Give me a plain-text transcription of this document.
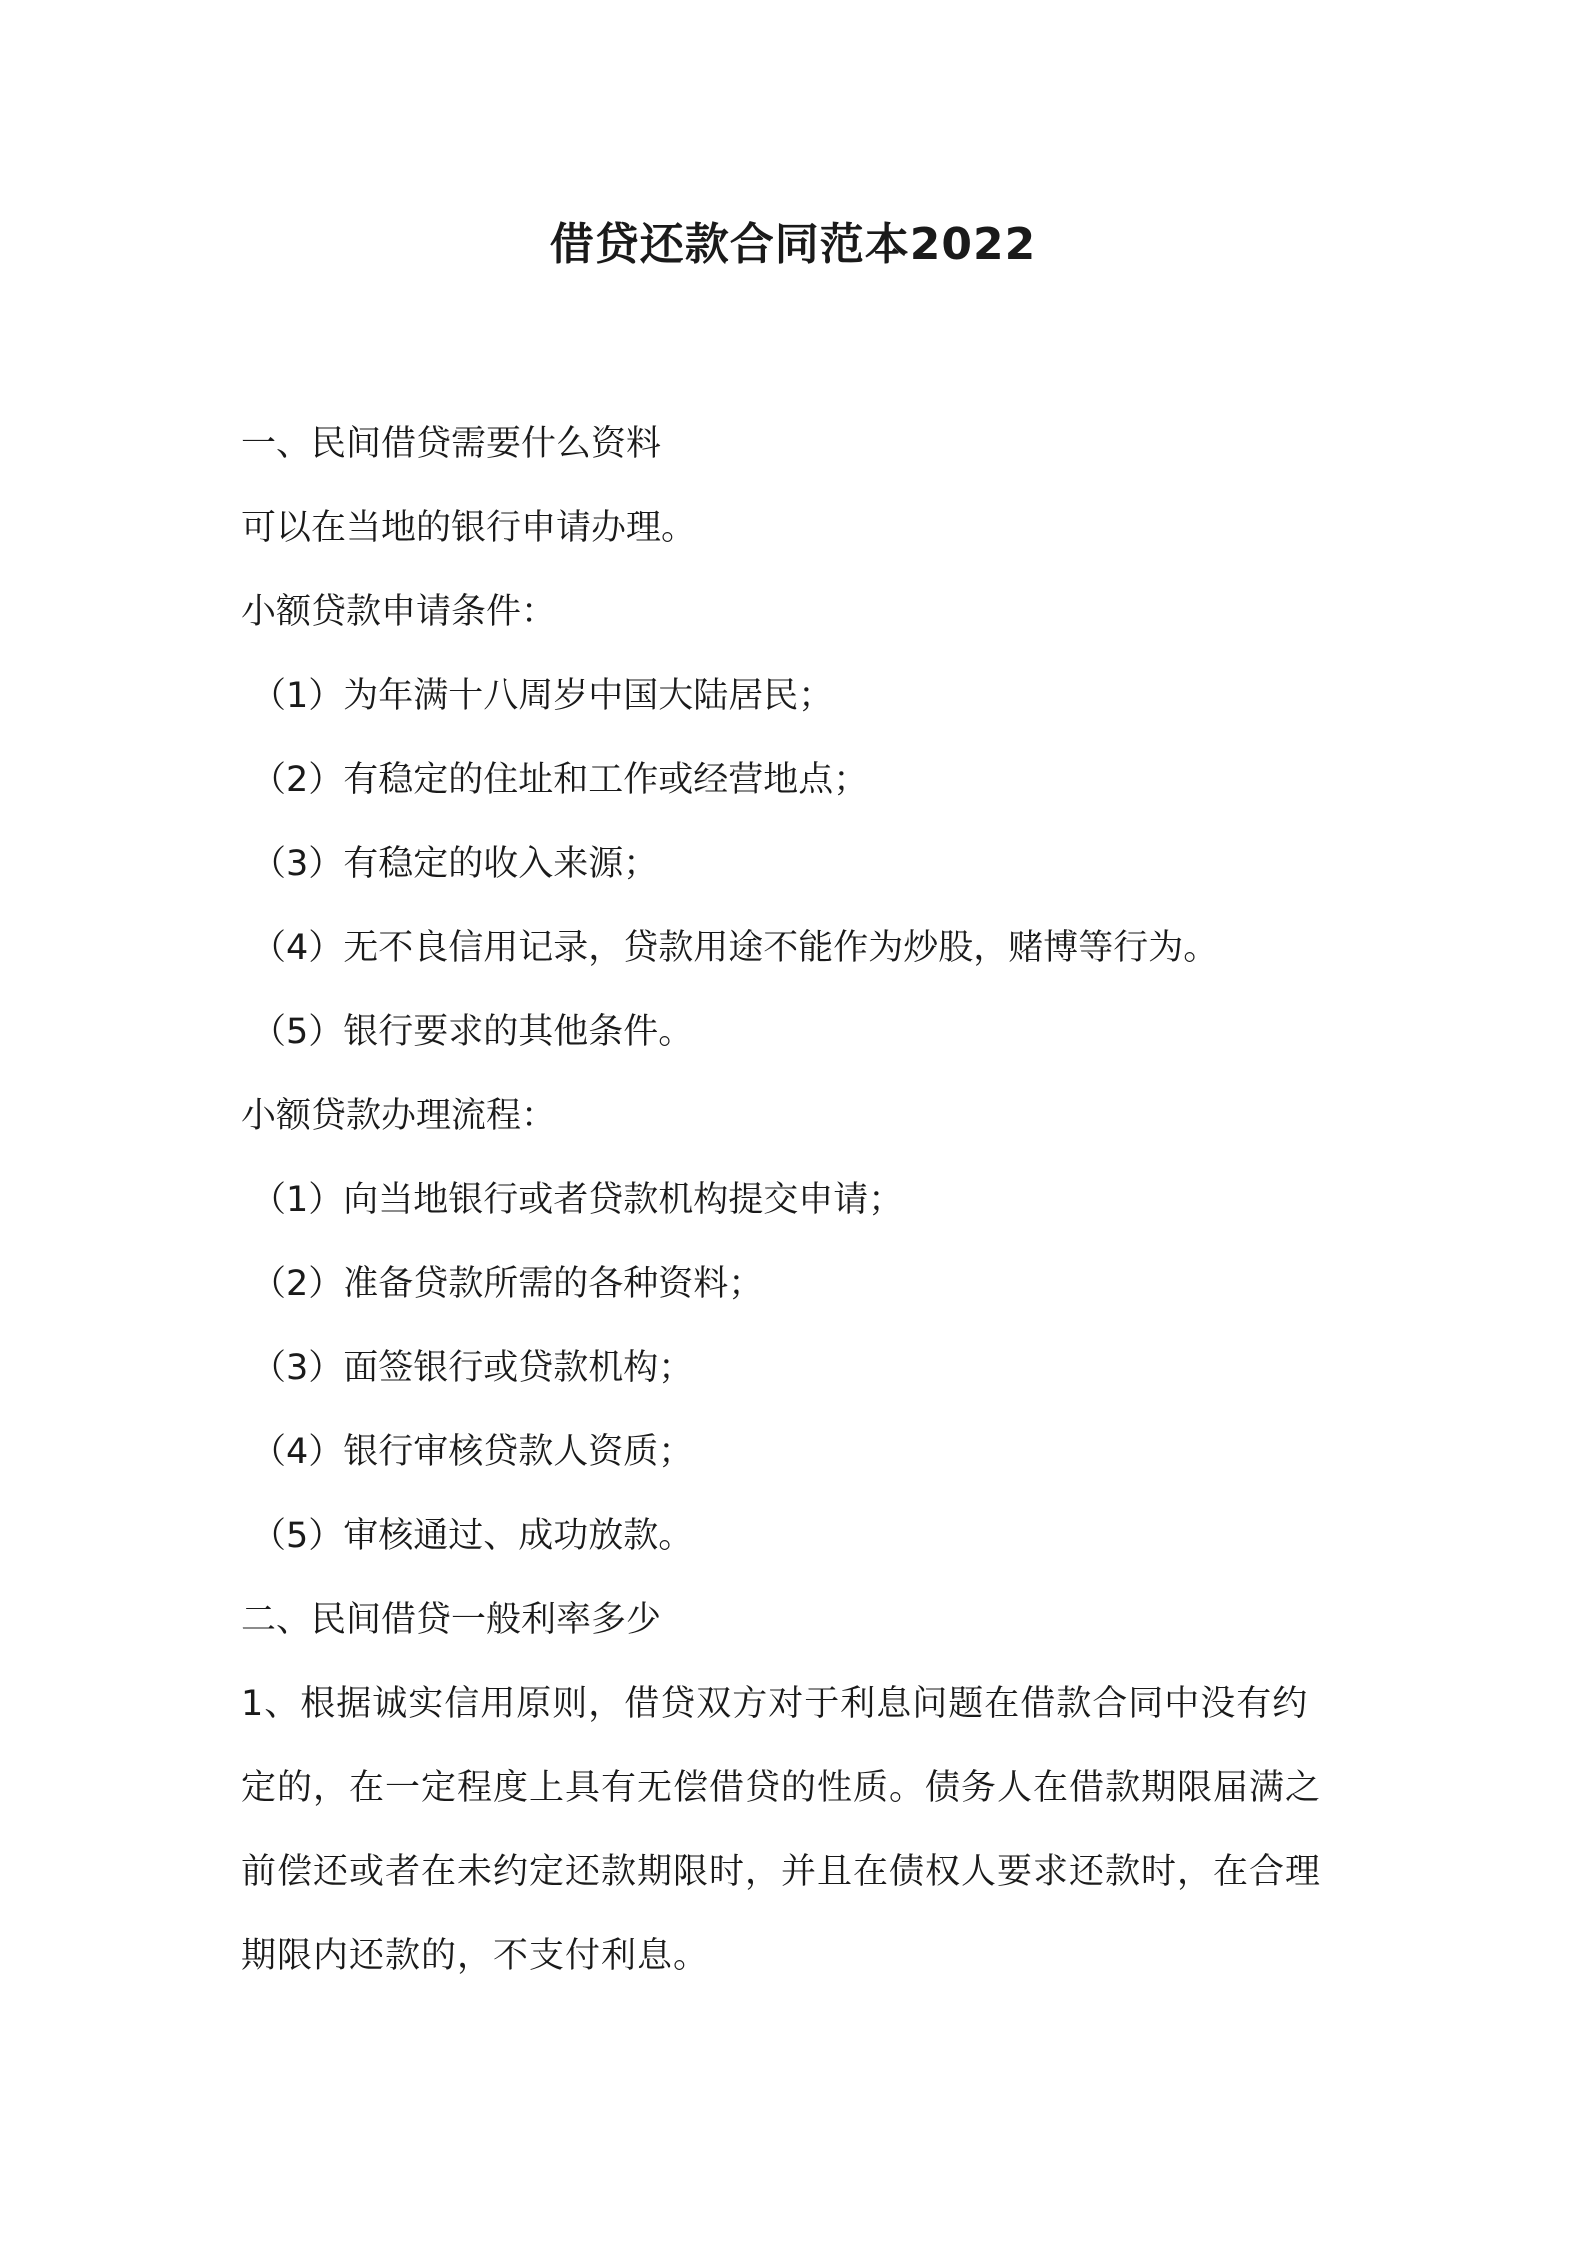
借贷还款合同范本2022
一、民间借贷需要什么资料
可以在当地的银行申请办理。
小额贷款申请条件：
（1）为年满十八周岁中国大陆居民；
（2）有稳定的住址和工作或经营地点；
（3）有稳定的收入来源；
（4）无不良信用记录，贷款用途不能作为炒股，赌博等行为。
（5）银行要求的其他条件。
小额贷款办理流程：
（1）向当地银行或者贷款机构提交申请；
（2）准备贷款所需的各种资料；
（3）面签银行或贷款机构；
（4）银行审核贷款人资质；
（5）审核通过、成功放款。
二、民间借贷一般利率多少
1、根据诚实信用原则，借贷双方对于利息问题在借款合同中没有约
定的，在一定程度上具有无偿借贷的性质。债务人在借款期限届满之
前偿还或者在未约定还款期限时，并且在债权人要求还款时，在合理
期限内还款的，不支付利息。
